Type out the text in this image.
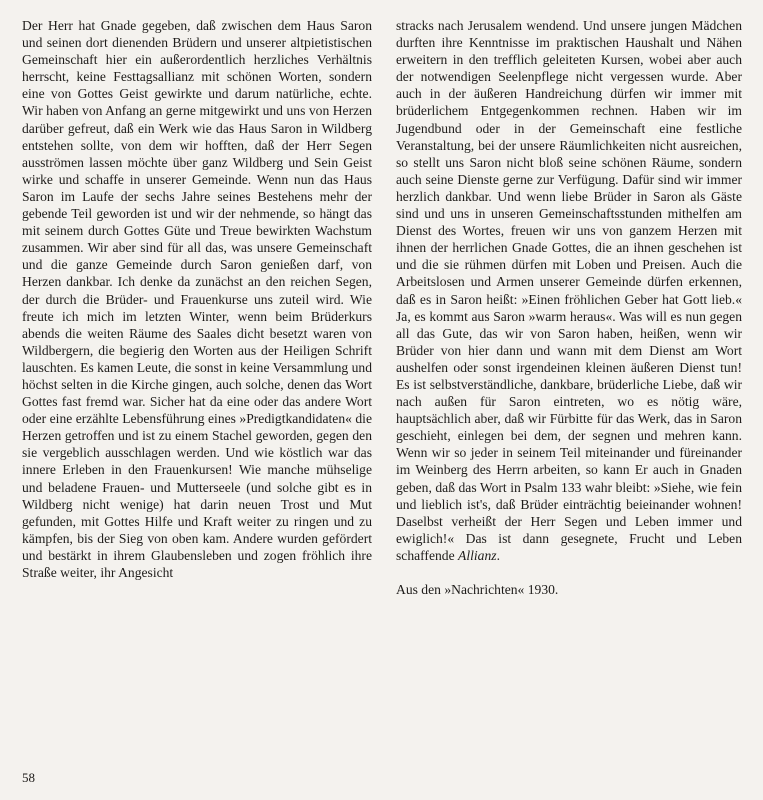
Der Herr hat Gnade gegeben, daß zwischen dem Haus Saron und seinen dort dienenden Brüdern und unserer altpietistischen Gemeinschaft hier ein außerordentlich herzliches Verhältnis herrscht, keine Festtagsallianz mit schönen Worten, sondern eine von Gottes Geist gewirkte und darum natürliche, echte. Wir haben von Anfang an gerne mitgewirkt und uns von Herzen darüber gefreut, daß ein Werk wie das Haus Saron in Wildberg entstehen sollte, von dem wir hofften, daß der Herr Segen ausströmen lassen möchte über ganz Wildberg und Sein Geist wirke und schaffe in unserer Gemeinde. Wenn nun das Haus Saron im Laufe der sechs Jahre seines Bestehens mehr der gebende Teil geworden ist und wir der nehmende, so hängt das mit seinem durch Gottes Güte und Treue bewirkten Wachstum zusammen. Wir aber sind für all das, was unsere Gemeinschaft und die ganze Gemeinde durch Saron genießen darf, von Herzen dankbar. Ich denke da zunächst an den reichen Segen, der durch die Brüder- und Frauenkurse uns zuteil wird. Wie freute ich mich im letzten Winter, wenn beim Brüderkurs abends die weiten Räume des Saales dicht besetzt waren von Wildbergern, die begierig den Worten aus der Heiligen Schrift lauschten. Es kamen Leute, die sonst in keine Versammlung und höchst selten in die Kirche gingen, auch solche, denen das Wort Gottes fast fremd war. Sicher hat da eine oder das andere Wort oder eine erzählte Lebensführung eines »Predigtkandidaten« die Herzen getroffen und ist zu einem Stachel geworden, gegen den sie vergeblich ausschlagen werden. Und wie köstlich war das innere Erleben in den Frauenkursen! Wie manche mühselige und beladene Frauen- und Mutterseele (und solche gibt es in Wildberg nicht wenige) hat darin neuen Trost und Mut gefunden, mit Gottes Hilfe und Kraft weiter zu ringen und zu kämpfen, bis der Sieg von oben kam. Andere wurden gefördert und bestärkt in ihrem Glaubensleben und zogen fröhlich ihre Straße weiter, ihr Angesicht

stracks nach Jerusalem wendend. Und unsere jungen Mädchen durften ihre Kenntnisse im praktischen Haushalt und Nähen erweitern in den trefflich geleiteten Kursen, wobei aber auch der notwendigen Seelenpflege nicht vergessen wurde. Aber auch in der äußeren Handreichung dürfen wir immer mit brüderlichem Entgegenkommen rechnen. Haben wir im Jugendbund oder in der Gemeinschaft eine festliche Veranstaltung, bei der unsere Räumlichkeiten nicht ausreichen, so stellt uns Saron nicht bloß seine schönen Räume, sondern auch seine Dienste gerne zur Verfügung. Dafür sind wir immer herzlich dankbar. Und wenn liebe Brüder in Saron als Gäste sind und uns in unseren Gemeinschaftsstunden mithelfen am Dienst des Wortes, freuen wir uns von ganzem Herzen mit ihnen der herrlichen Gnade Gottes, die an ihnen geschehen ist und die sie rühmen dürfen mit Loben und Preisen. Auch die Arbeitslosen und Armen unserer Gemeinde dürfen erkennen, daß es in Saron heißt: »Einen fröhlichen Geber hat Gott lieb.« Ja, es kommt aus Saron »warm heraus«. Was will es nun gegen all das Gute, das wir von Saron haben, heißen, wenn wir Brüder von hier dann und wann mit dem Dienst am Wort aushelfen oder sonst irgendeinen kleinen äußeren Dienst tun! Es ist selbstverständliche, dankbare, brüderliche Liebe, daß wir nach außen für Saron eintreten, wo es nötig wäre, hauptsächlich aber, daß wir Fürbitte für das Werk, das in Saron geschieht, einlegen bei dem, der segnen und mehren kann. Wenn wir so jeder in seinem Teil miteinander und füreinander im Weinberg des Herrn arbeiten, so kann Er auch in Gnaden geben, daß das Wort in Psalm 133 wahr bleibt: »Siehe, wie fein und lieblich ist's, daß Brüder einträchtig beieinander wohnen! Daselbst verheißt der Herr Segen und Leben immer und ewiglich!« Das ist dann gesegnete, Frucht und Leben schaffende Allianz.

Aus den »Nachrichten« 1930.

58
